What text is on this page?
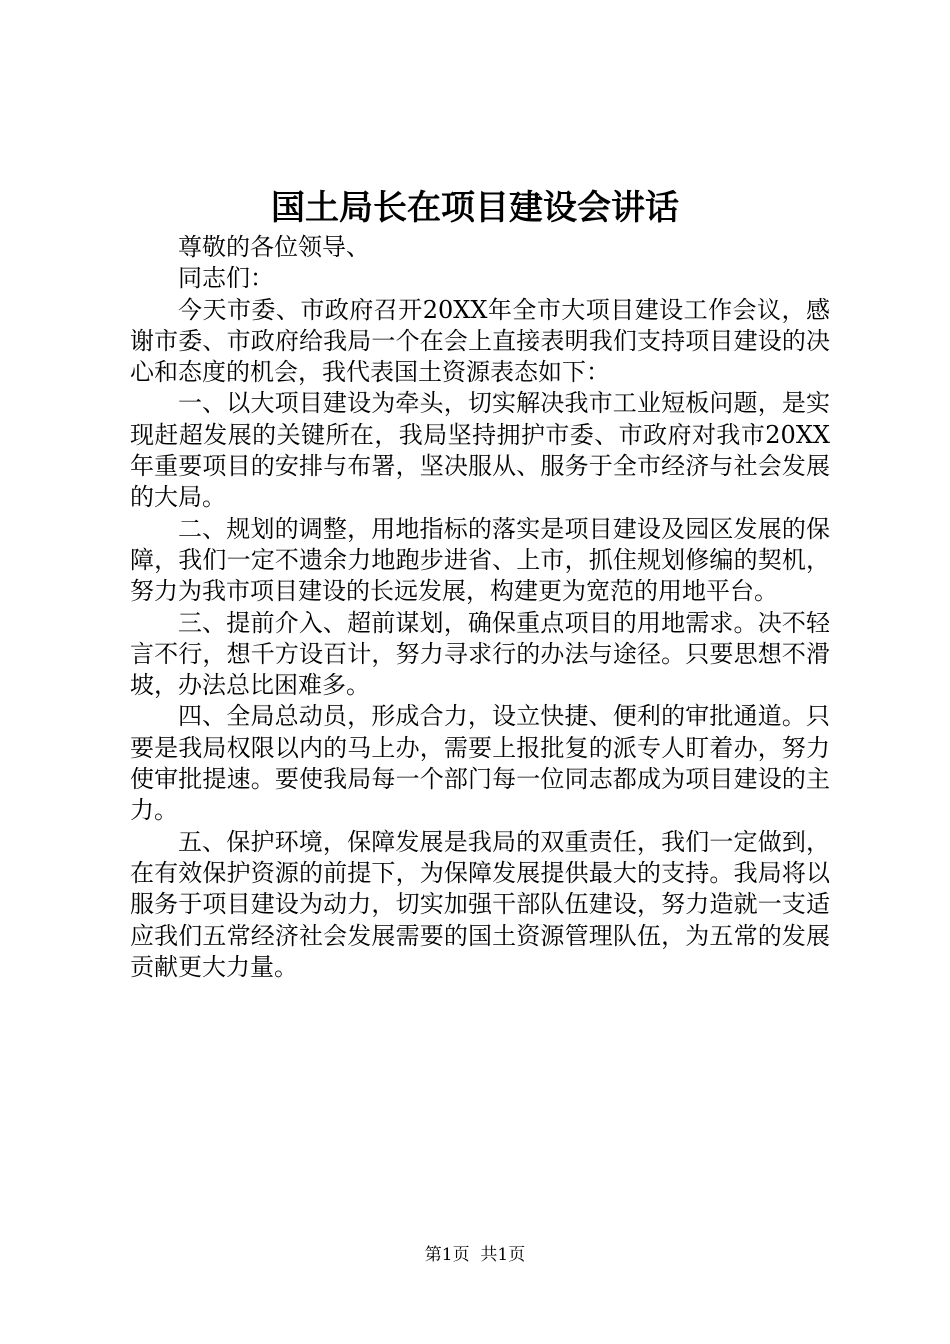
国土局长在项目建设会讲话

尊敬的各位领导、

同志们：

今天市委、市政府召开20XX年全市大项目建设工作会议，感谢市委、市政府给我局一个在会上直接表明我们支持项目建设的决心和态度的机会，我代表国土资源表态如下：

一、以大项目建设为牵头，切实解决我市工业短板问题，是实现赶超发展的关键所在，我局坚持拥护市委、市政府对我市20XX年重要项目的安排与布署，坚决服从、服务于全市经济与社会发展的大局。

二、规划的调整，用地指标的落实是项目建设及园区发展的保障，我们一定不遗余力地跑步进省、上市，抓住规划修编的契机，努力为我市项目建设的长远发展，构建更为宽范的用地平台。

三、提前介入、超前谋划，确保重点项目的用地需求。决不轻言不行，想千方设百计，努力寻求行的办法与途径。只要思想不滑坡，办法总比困难多。

四、全局总动员，形成合力，设立快捷、便利的审批通道。只要是我局权限以内的马上办，需要上报批复的派专人盯着办，努力使审批提速。要使我局每一个部门每一位同志都成为项目建设的主力。

五、保护环境，保障发展是我局的双重责任，我们一定做到，在有效保护资源的前提下，为保障发展提供最大的支持。我局将以服务于项目建设为动力，切实加强干部队伍建设，努力造就一支适应我们五常经济社会发展需要的国土资源管理队伍，为五常的发展贡献更大力量。

第1页  共1页
